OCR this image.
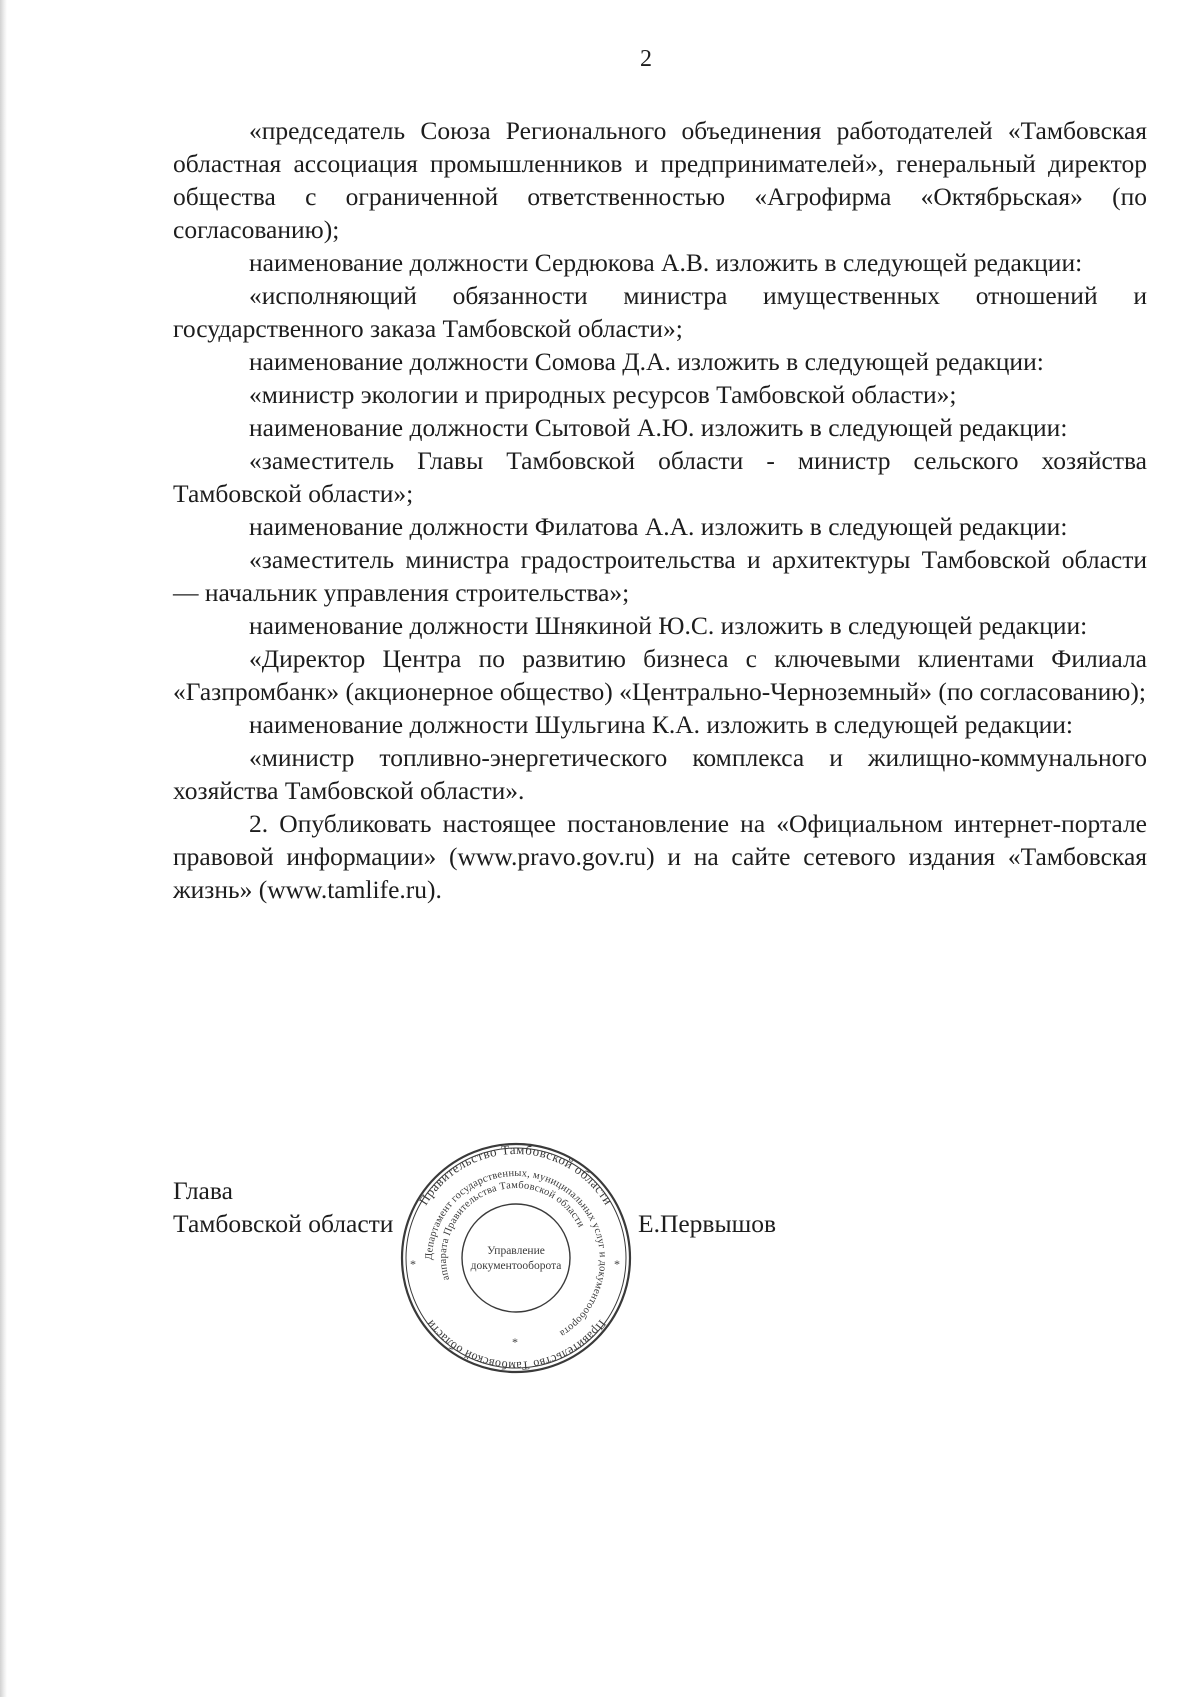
2

«председатель Союза Регионального объединения работодателей «Тамбовская областная ассоциация промышленников и предпринимателей», генеральный директор общества с ограниченной ответственностью «Агрофирма «Октябрьская» (по согласованию);

наименование должности Сердюкова А.В. изложить в следующей редакции:

«исполняющий обязанности министра имущественных отношений и государственного заказа Тамбовской области»;

наименование должности Сомова Д.А. изложить в следующей редакции:

«министр экологии и природных ресурсов Тамбовской области»;

наименование должности Сытовой А.Ю. изложить в следующей редакции:

«заместитель Главы Тамбовской области - министр сельского хозяйства Тамбовской области»;

наименование должности Филатова А.А. изложить в следующей редакции:

«заместитель министра градостроительства и архитектуры Тамбовской области — начальник управления строительства»;

наименование должности Шнякиной Ю.С. изложить в следующей редакции:

«Директор Центра по развитию бизнеса с ключевыми клиентами Филиала «Газпромбанк» (акционерное общество) «Центрально-Черноземный» (по согласованию);

наименование должности Шульгина К.А. изложить в следующей редакции:

«министр топливно-энергетического комплекса и жилищно-коммунального хозяйства Тамбовской области».

2. Опубликовать настоящее постановление на «Официальном интернет-портале правовой информации» (www.pravo.gov.ru) и на сайте сетевого издания «Тамбовская жизнь» (www.tamlife.ru).

Глава
Тамбовской области	Е.Первышов
Правительство Тамбовской области
Правительство Тамбовской области
Департамент государственных, муниципальных услуг и документооборота
аппарата Правительства Тамбовской области
Управление
документооборота
*	*
*
